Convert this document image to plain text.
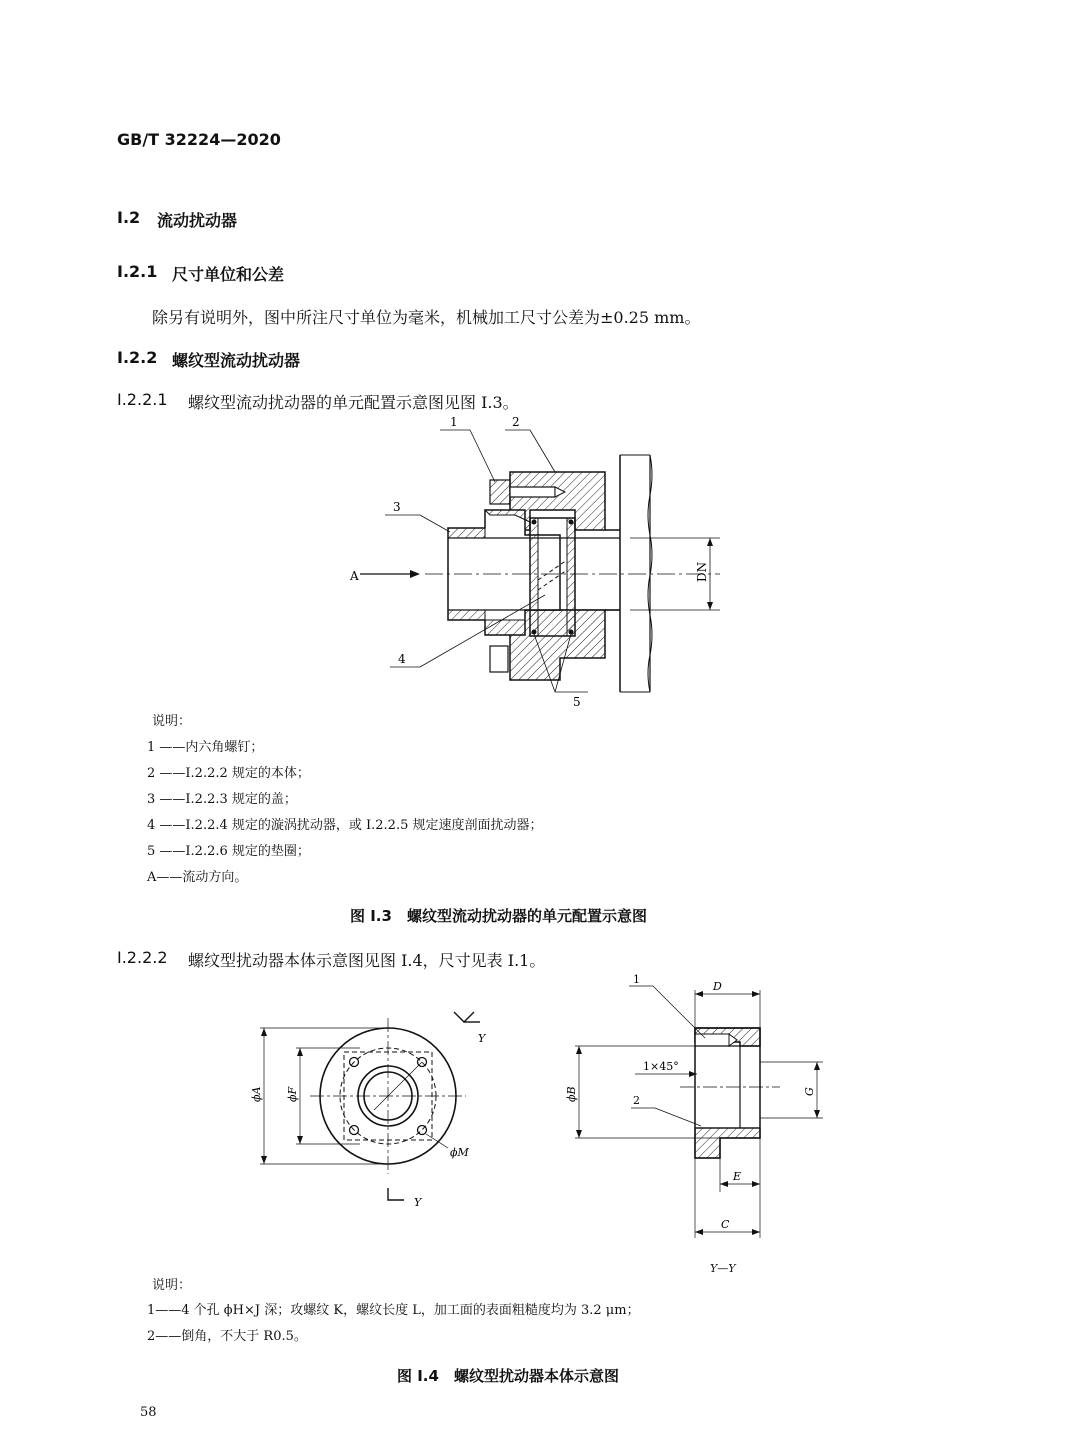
GB/T 32224—2020
I.2 流动扰动器
I.2.1 尺寸单位和公差
除另有说明外，图中所注尺寸单位为毫米，机械加工尺寸公差为±0.25 mm。
I.2.2 螺纹型流动扰动器
I.2.2.1 螺纹型流动扰动器的单元配置示意图见图 I.3。
A	DN
1	2
3
4
5
说明：
1 ——内六角螺钉；
2 ——I.2.2.2 规定的本体；
3 ——I.2.2.3 规定的盖；
4 ——I.2.2.4 规定的漩涡扰动器，或 I.2.2.5 规定速度剖面扰动器；
5 ——I.2.2.6 规定的垫圈；
A——流动方向。
图 I.3　螺纹型流动扰动器的单元配置示意图
I.2.2.2 螺纹型扰动器本体示意图见图 I.4，尺寸见表 I.1。
ϕA ϕF
Y
Y
ϕM
D
1
1×45°
ϕB	2
G
E
C
Y—Y
说明：
1——4 个孔 ϕH×J 深；攻螺纹 K，螺纹长度 L，加工面的表面粗糙度均为 3.2 μm；
2——倒角，不大于 R0.5。
图 I.4　螺纹型扰动器本体示意图
58
